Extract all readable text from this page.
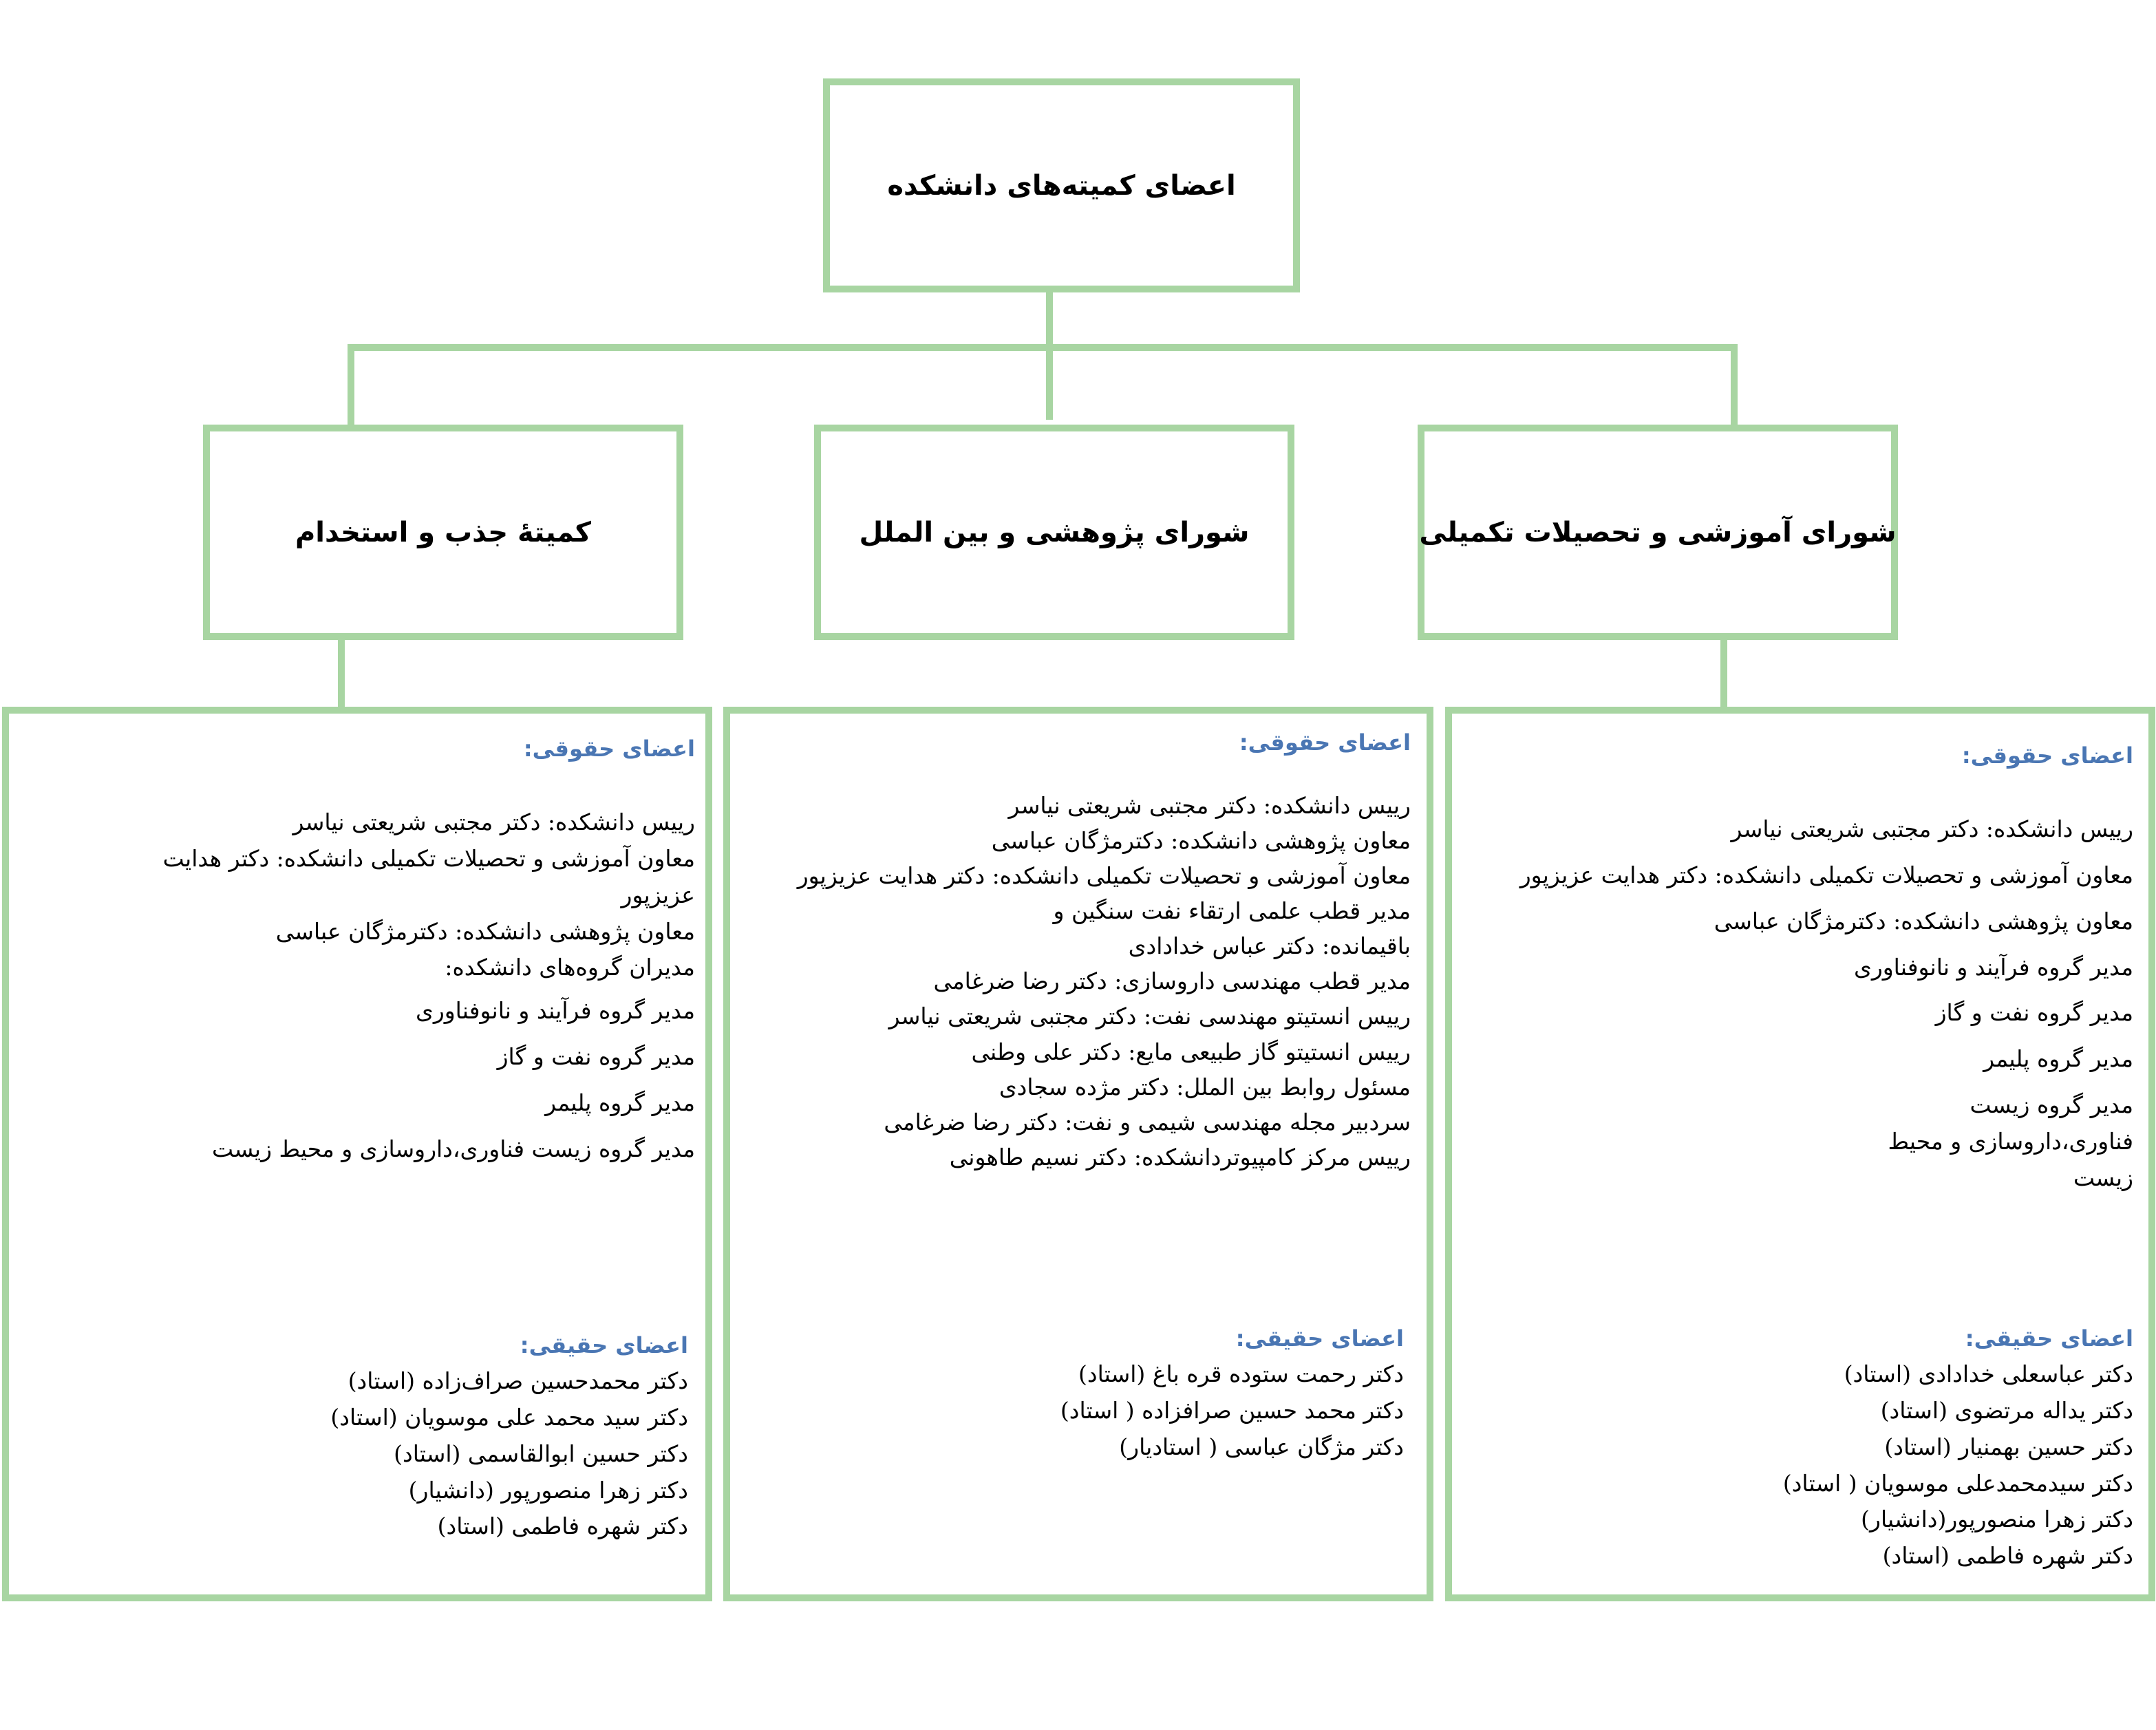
اعضای کمیته‌های دانشکده
کمیتهٔ جذب و استخدام	شورای پژوهشی و بین الملل	شورای آموزشی و تحصیلات تکمیلی
اعضای حقوقی:
رییس دانشکده: دکتر مجتبی شریعتی نیاسر
معاون آموزشی و تحصیلات تکمیلی دانشکده: دکتر هدایت عزیزپور
معاون پژوهشی دانشکده: دکترمژگان عباسی
مدیران گروه‌های دانشکده:
مدیر گروه فرآیند و نانوفناوری
مدیر گروه نفت و گاز
مدیر گروه پلیمر
مدیر گروه زیست فناوری،داروسازی و محیط زیست
اعضای حقیقی:
دکتر محمدحسین صراف‌زاده (استاد)
دکتر سید محمد علی موسویان (استاد)
دکتر حسین ابوالقاسمی (استاد)
دکتر زهرا منصورپور (دانشیار)
دکتر شهره فاطمی (استاد)
اعضای حقوقی:
رییس دانشکده: دکتر مجتبی شریعتی نیاسر
معاون پژوهشی دانشکده: دکترمژگان عباسی
معاون آموزشی و تحصیلات تکمیلی دانشکده: دکتر هدایت عزیزپور
مدیر قطب علمی ارتقاء نفت سنگین و باقیمانده: دکتر عباس خدادادی
مدیر قطب مهندسی داروسازی: دکتر رضا ضرغامی
رییس انستیتو مهندسی نفت: دکتر مجتبی شریعتی نیاسر
رییس انستیتو گاز طبیعی مایع: دکتر علی وطنی
مسئول روابط بین الملل: دکتر مژده سجادی
سردبیر مجله مهندسی شیمی و نفت: دکتر رضا ضرغامی
رییس مرکز کامپیوتردانشکده: دکتر نسیم طاهونی
اعضای حقیقی:
دکتر رحمت ستوده قره باغ (استاد)
دکتر محمد حسین صرافزاده ( استاد)
دکتر مژگان عباسی ( استادیار)
اعضای حقوقی:
رییس دانشکده: دکتر مجتبی شریعتی نیاسر
معاون آموزشی و تحصیلات تکمیلی دانشکده: دکتر هدایت عزیزپور
معاون پژوهشی دانشکده: دکترمژگان عباسی
مدیر گروه فرآیند و نانوفناوری
مدیر گروه نفت و گاز
مدیر گروه پلیمر
مدیر گروه زیست فناوری،داروسازی و محیط زیست
اعضای حقیقی:
دکتر عباسعلی خدادادی (استاد)
دکتر یداله مرتضوی (استاد)
دکتر حسین بهمنیار (استاد)
دکتر سیدمحمدعلی موسویان ( استاد)
دکتر زهرا منصورپور(دانشیار)
دکتر شهره فاطمی (استاد)
